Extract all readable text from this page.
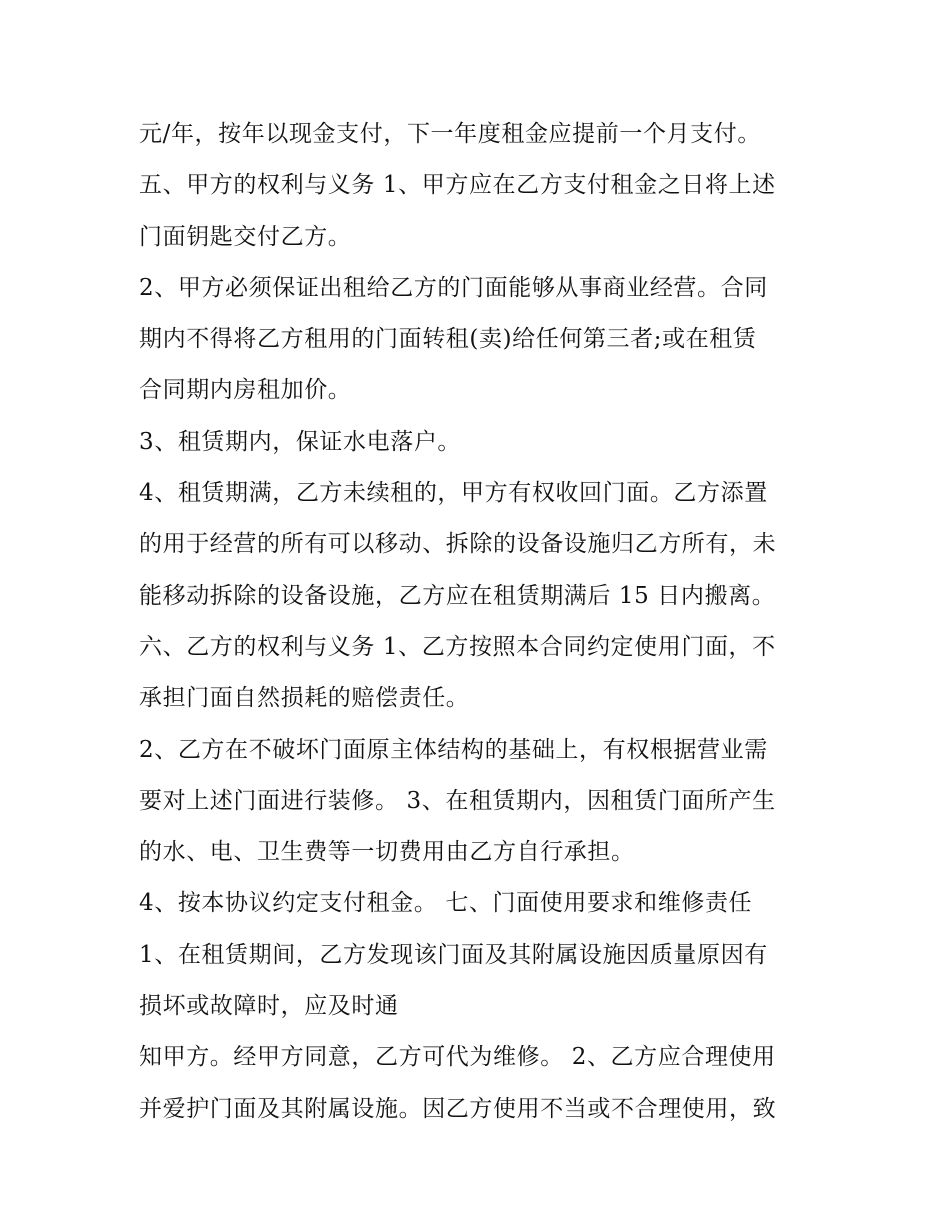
元/年，按年以现金支付，下一年度租金应提前一个月支付。
五、甲方的权利与义务 1、甲方应在乙方支付租金之日将上述
门面钥匙交付乙方。
2、甲方必须保证出租给乙方的门面能够从事商业经营。合同
期内不得将乙方租用的门面转租(卖)给任何第三者;或在租赁
合同期内房租加价。
3、租赁期内，保证水电落户。
4、租赁期满，乙方未续租的，甲方有权收回门面。乙方添置
的用于经营的所有可以移动、拆除的设备设施归乙方所有，未
能移动拆除的设备设施，乙方应在租赁期满后 15 日内搬离。
六、乙方的权利与义务 1、乙方按照本合同约定使用门面，不
承担门面自然损耗的赔偿责任。
2、乙方在不破坏门面原主体结构的基础上，有权根据营业需
要对上述门面进行装修。 3、在租赁期内，因租赁门面所产生
的水、电、卫生费等一切费用由乙方自行承担。
4、按本协议约定支付租金。 七、门面使用要求和维修责任
1、在租赁期间，乙方发现该门面及其附属设施因质量原因有
损坏或故障时，应及时通
知甲方。经甲方同意，乙方可代为维修。 2、乙方应合理使用
并爱护门面及其附属设施。因乙方使用不当或不合理使用，致
